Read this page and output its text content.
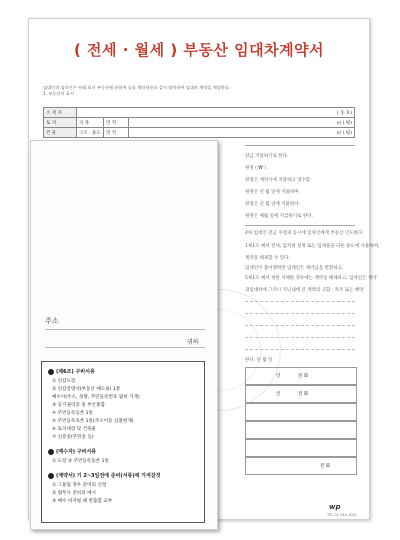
( 전세 · 월세 ) 부동산 임대차계약서
임대인과 임차인은 아래 표시 부동산에 관하여 다음 계약내용과 같이 합의하여 임대차 계약을 체결한다.
1. 부동산의 표시
소 재 지	( 동 호)		
토 지	지 목	면 적	㎡ ( 평)
건 물	구조 · 용도	면 적	㎡ ( 평)
잔금 지불하기로 한다.
원정 ( ₩ )
원정은 계약시에 지불하고 영수함.
원정은 년 월 일에 지불하며
원정은 년 월 일에 지불한다.
원정은 매월 일에 지급하기로 한다.
4차 임대인 잔금 수령과 동시에 임차인에게 부동산 인도한다.
1제1조 에서 전세, 임차권 설정 또는 임대물을 다른 용도에 사용하여,
계약을 해제할 수 있다.
임대인이 불이행하면 임대인은 계약금을 반환하고,
5제1조 에서 정한 지체한 경우에는 계약을 해제하고, 임차인은 계약
과임대차에 그러나 지닌내에 본 계약의 극함 · 특조 또는 해약
한다. 년 월 일
인	전 화
인	전 화
전 화
wp
TEL 02-549-1001
주소
귀하
(제6조) 구비서류
① 인감도장
② 인감증명서(부동산 매도용) 1통
매수자(주소, 성명, 주민등록번호 필히 기재)
③ 등기권리증 및 부산종합
④ 주민등록등본 1통
⑤ 주민등록초본 1통(주소이동 심볼현재)
⑥ 토지대장 및 건축물
⑦ 신분증(주민증 등)
(매수자) 구비서류
① 도장 ② 주민등록등본 1통
(계약서) 기 2~3일전에 준비(서류)에 가져갈것
① 그물림 경우 준미의 신청
② 법무사 준비의 예시
③ 매수 비자빌 때 반출할 교부
